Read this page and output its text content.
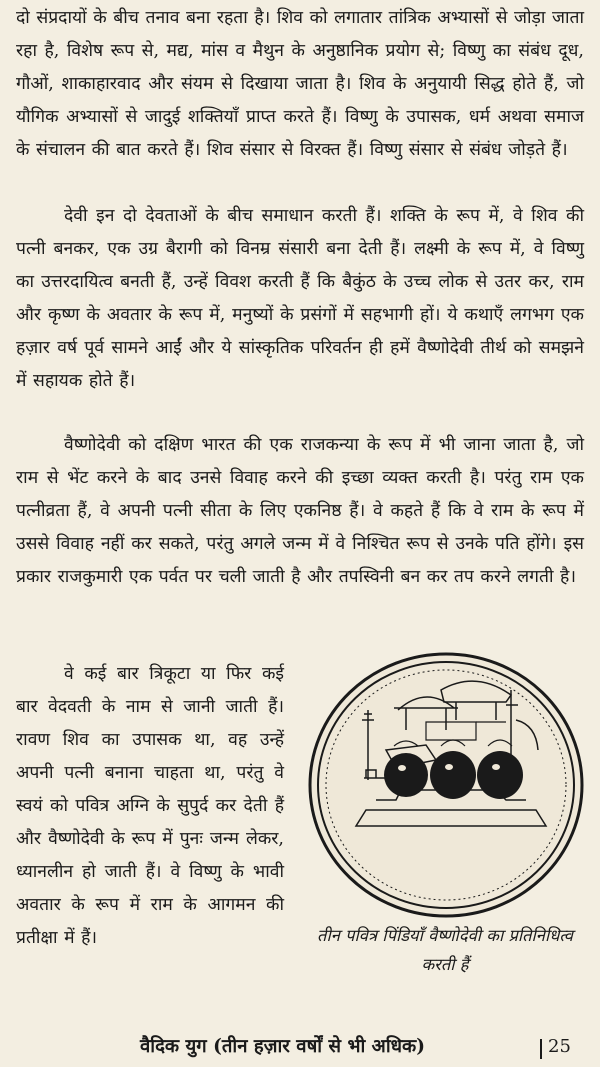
दो संप्रदायों के बीच तनाव बना रहता है। शिव को लगातार तांत्रिक अभ्यासों से जोड़ा जाता रहा है, विशेष रूप से, मद्य, मांस व मैथुन के अनुष्ठानिक प्रयोग से; विष्णु का संबंध दूध, गौओं, शाकाहारवाद और संयम से दिखाया जाता है। शिव के अनुयायी सिद्ध होते हैं, जो यौगिक अभ्यासों से जादुई शक्तियाँ प्राप्त करते हैं। विष्णु के उपासक, धर्म अथवा समाज के संचालन की बात करते हैं। शिव संसार से विरक्त हैं। विष्णु संसार से संबंध जोड़ते हैं।

देवी इन दो देवताओं के बीच समाधान करती हैं। शक्ति के रूप में, वे शिव की पत्नी बनकर, एक उग्र बैरागी को विनम्र संसारी बना देती हैं। लक्ष्मी के रूप में, वे विष्णु का उत्तरदायित्व बनती हैं, उन्हें विवश करती हैं कि बैकुंठ के उच्च लोक से उतर कर, राम और कृष्ण के अवतार के रूप में, मनुष्यों के प्रसंगों में सहभागी हों। ये कथाएँ लगभग एक हज़ार वर्ष पूर्व सामने आईं और ये सांस्कृतिक परिवर्तन ही हमें वैष्णोदेवी तीर्थ को समझने में सहायक होते हैं।

वैष्णोदेवी को दक्षिण भारत की एक राजकन्या के रूप में भी जाना जाता है, जो राम से भेंट करने के बाद उनसे विवाह करने की इच्छा व्यक्त करती है। परंतु राम एक पत्नीव्रता हैं, वे अपनी पत्नी सीता के लिए एकनिष्ठ हैं। वे कहते हैं कि वे राम के रूप में उससे विवाह नहीं कर सकते, परंतु अगले जन्म में वे निश्चित रूप से उनके पति होंगे। इस प्रकार राजकुमारी एक पर्वत पर चली जाती है और तपस्विनी बन कर तप करने लगती है।

वे कई बार त्रिकूटा या फिर कई बार वेदवती के नाम से जानी जाती हैं। रावण शिव का उपासक था, वह उन्हें अपनी पत्नी बनाना चाहता था, परंतु वे स्वयं को पवित्र अग्नि के सुपुर्द कर देती हैं और वैष्णोदेवी के रूप में पुनः जन्म लेकर, ध्यानलीन हो जाती हैं। वे विष्णु के भावी अवतार के रूप में राम के आगमन की प्रतीक्षा में हैं।	तीन पवित्र पिंडियाँ वैष्णोदेवी का प्रतिनिधित्व करती हैं

वैदिक युग (तीन हज़ार वर्षों से भी अधिक)	25
